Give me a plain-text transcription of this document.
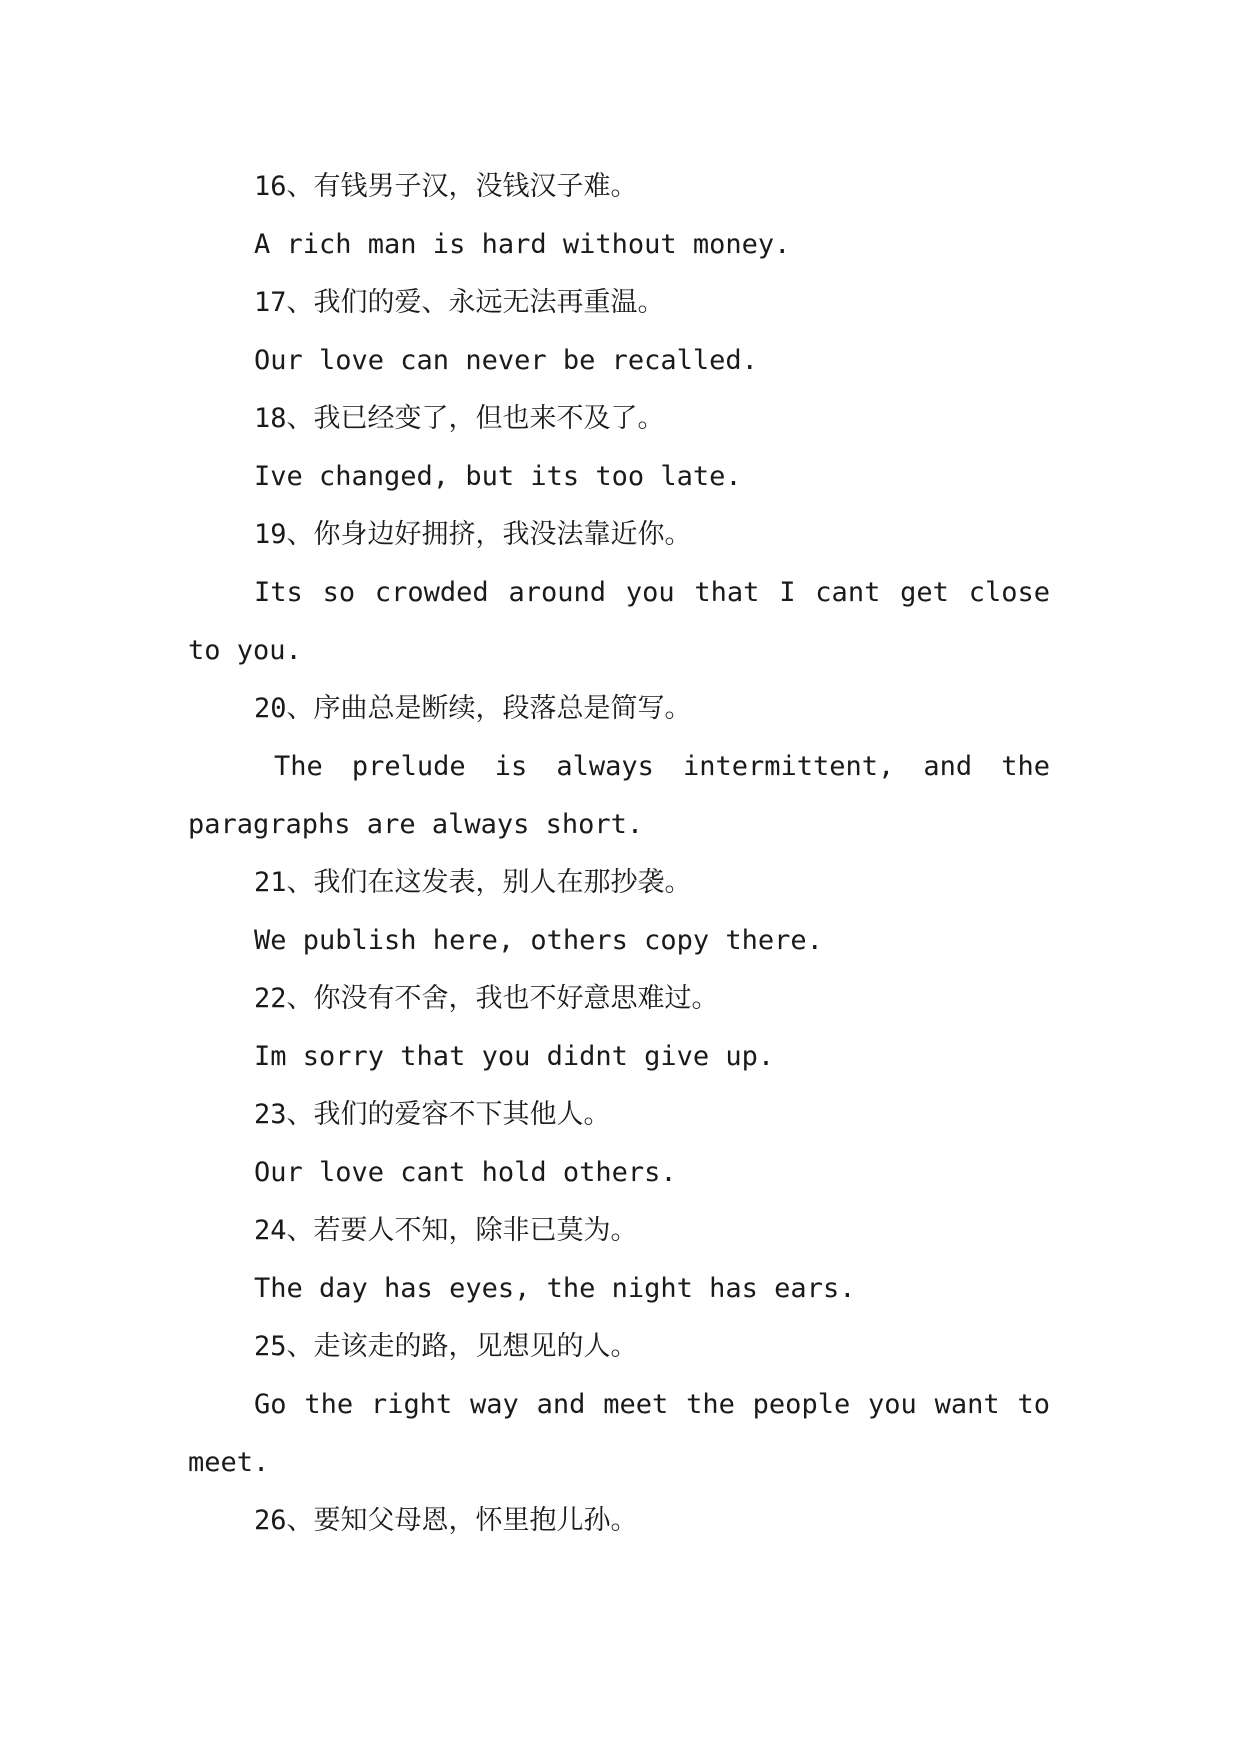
16、有钱男子汉，没钱汉子难。
A rich man is hard without money.
17、我们的爱、永远无法再重温。
Our love can never be recalled.
18、我已经变了，但也来不及了。
Ive changed, but its too late.
19、你身边好拥挤，我没法靠近你。
Its so crowded around you that I cant get close to you.
20、序曲总是断续，段落总是简写。
The prelude is always intermittent, and the paragraphs are always short.
21、我们在这发表，别人在那抄袭。
We publish here, others copy there.
22、你没有不舍，我也不好意思难过。
Im sorry that you didnt give up.
23、我们的爱容不下其他人。
Our love cant hold others.
24、若要人不知，除非已莫为。
The day has eyes, the night has ears.
25、走该走的路，见想见的人。
Go the right way and meet the people you want to meet.
26、要知父母恩，怀里抱儿孙。
